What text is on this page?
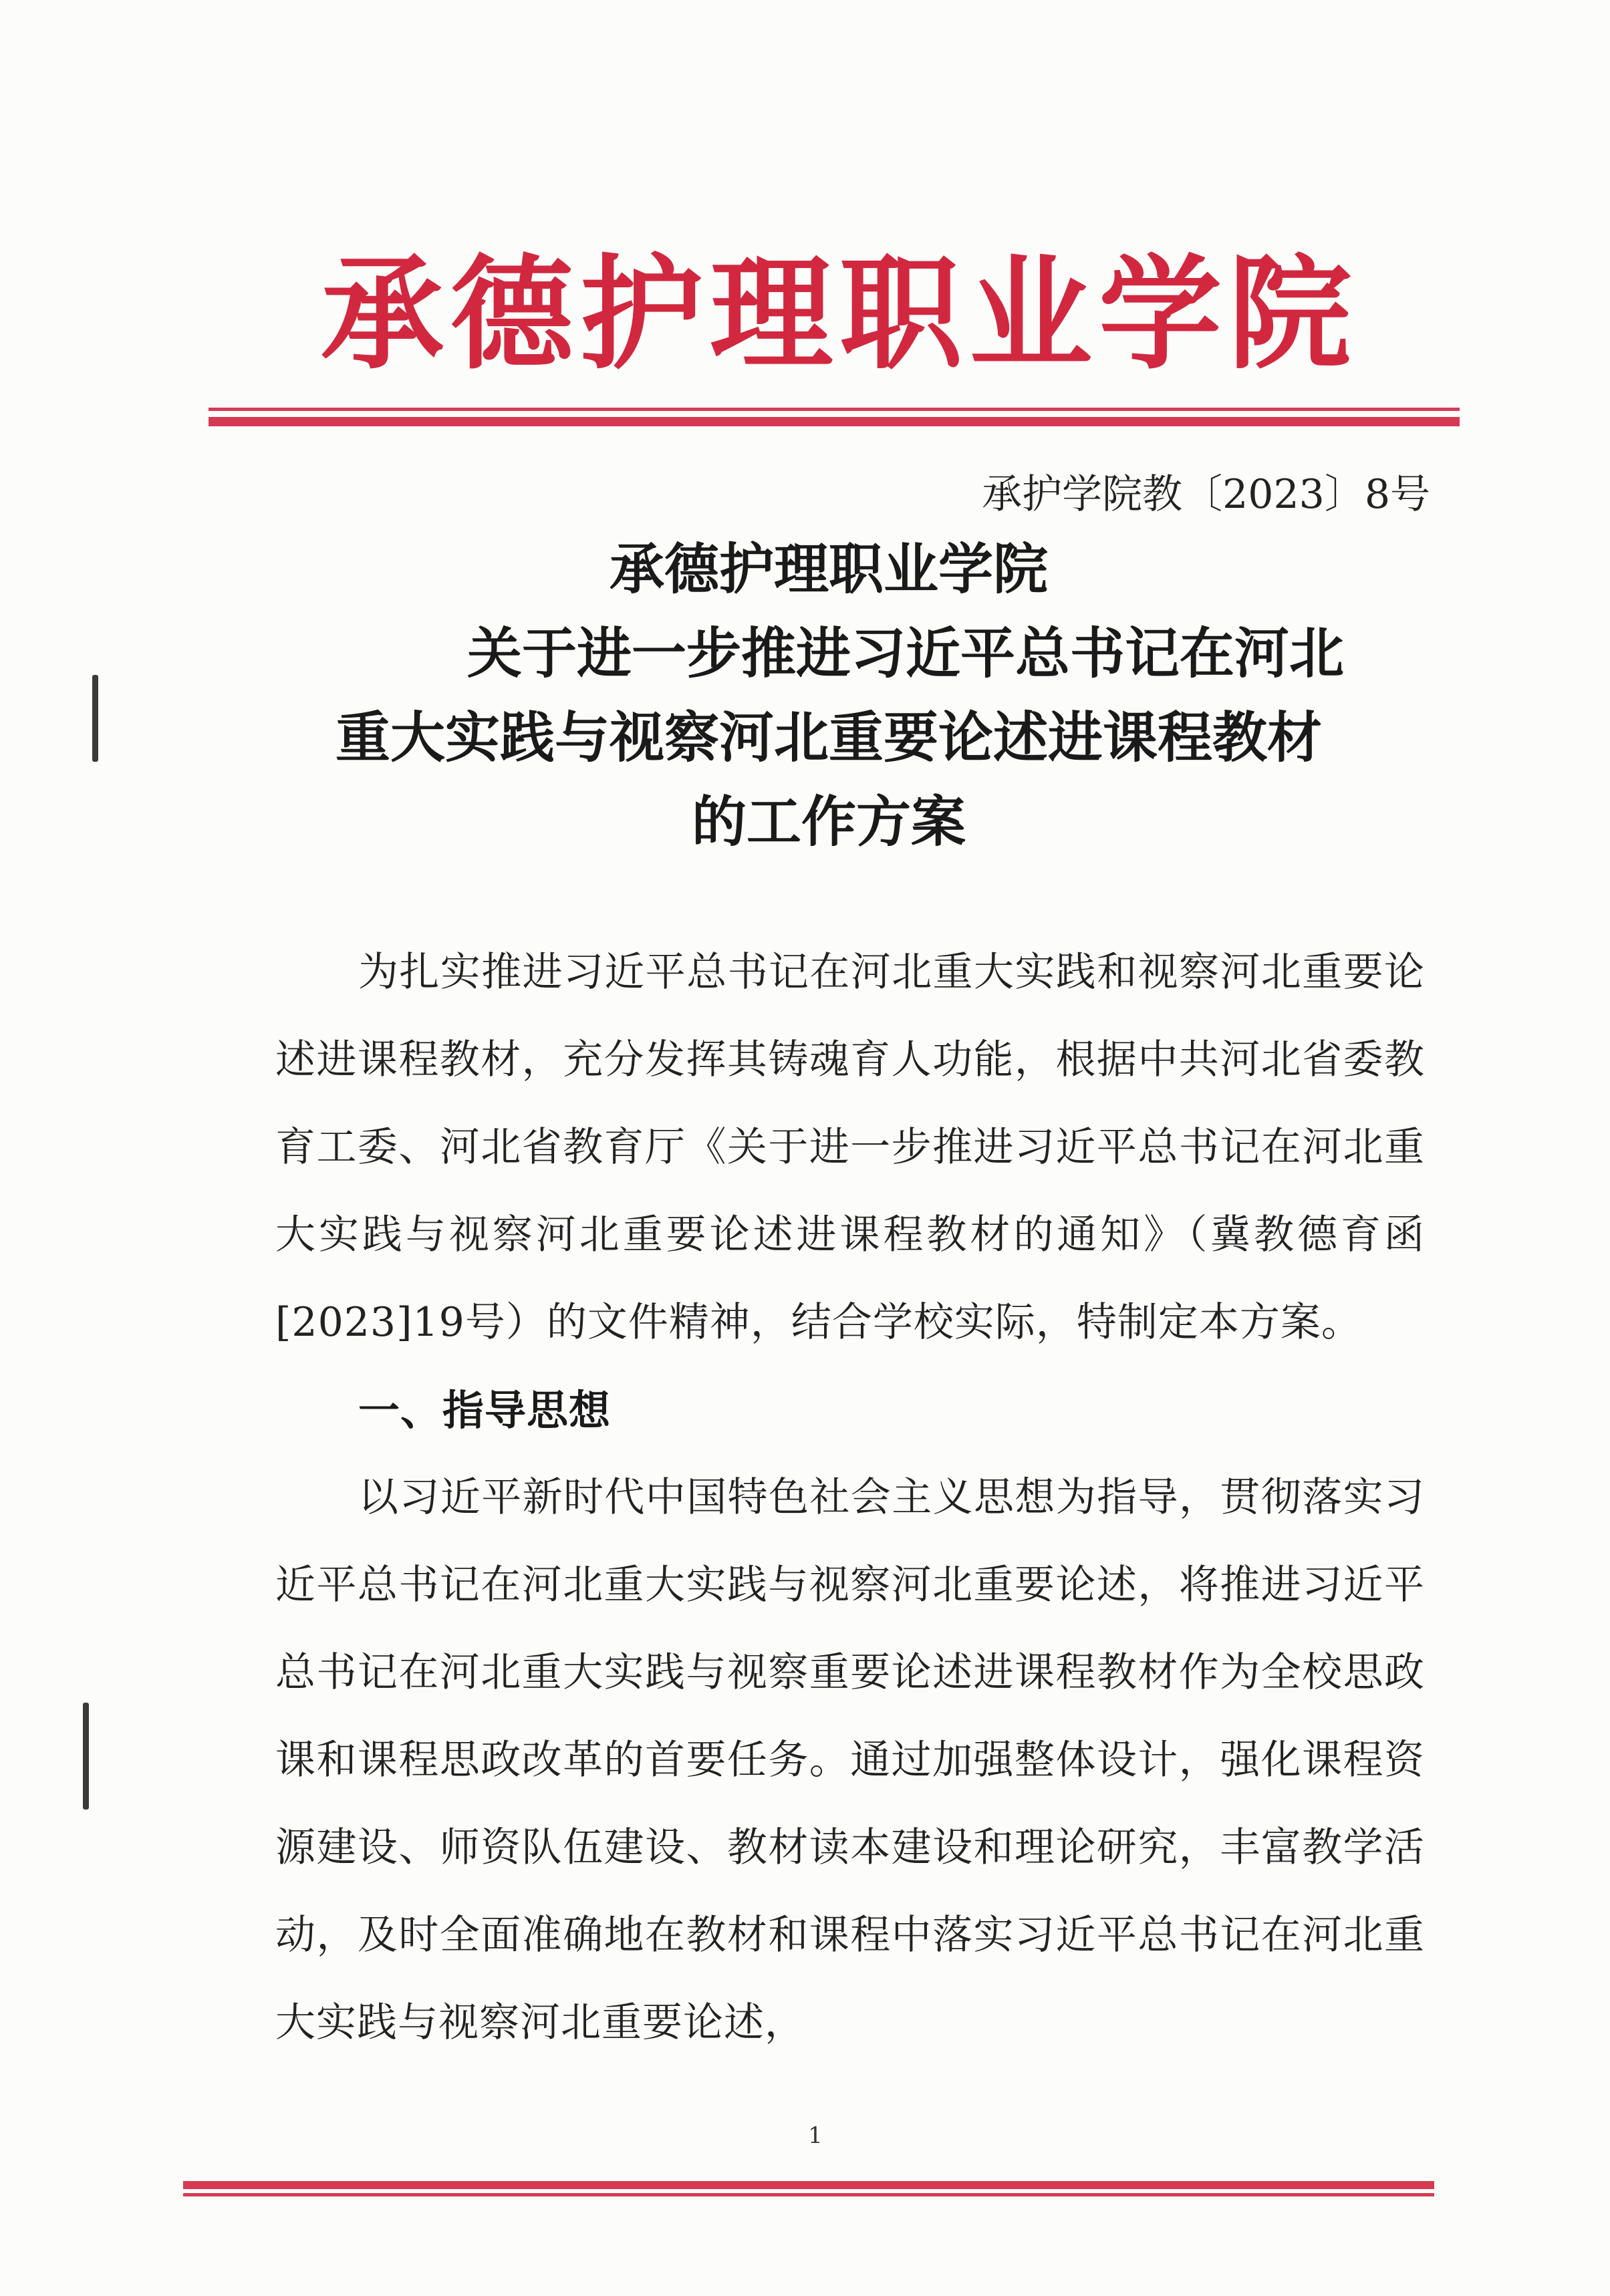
承德护理职业学院
承护学院教〔2023〕8号
承德护理职业学院
关于进一步推进习近平总书记在河北
重大实践与视察河北重要论述进课程教材
的工作方案

为扎实推进习近平总书记在河北重大实践和视察河北重要论述进课程教材，充分发挥其铸魂育人功能，根据中共河北省委教育工委、河北省教育厅《关于进一步推进习近平总书记在河北重大实践与视察河北重要论述进课程教材的通知》（冀教德育函[2023]19号）的文件精神，结合学校实际，特制定本方案。

一、指导思想

以习近平新时代中国特色社会主义思想为指导，贯彻落实习近平总书记在河北重大实践与视察河北重要论述，将推进习近平总书记在河北重大实践与视察重要论述进课程教材作为全校思政课和课程思政改革的首要任务。通过加强整体设计，强化课程资源建设、师资队伍建设、教材读本建设和理论研究，丰富教学活动，及时全面准确地在教材和课程中落实习近平总书记在河北重大实践与视察河北重要论述，

1
